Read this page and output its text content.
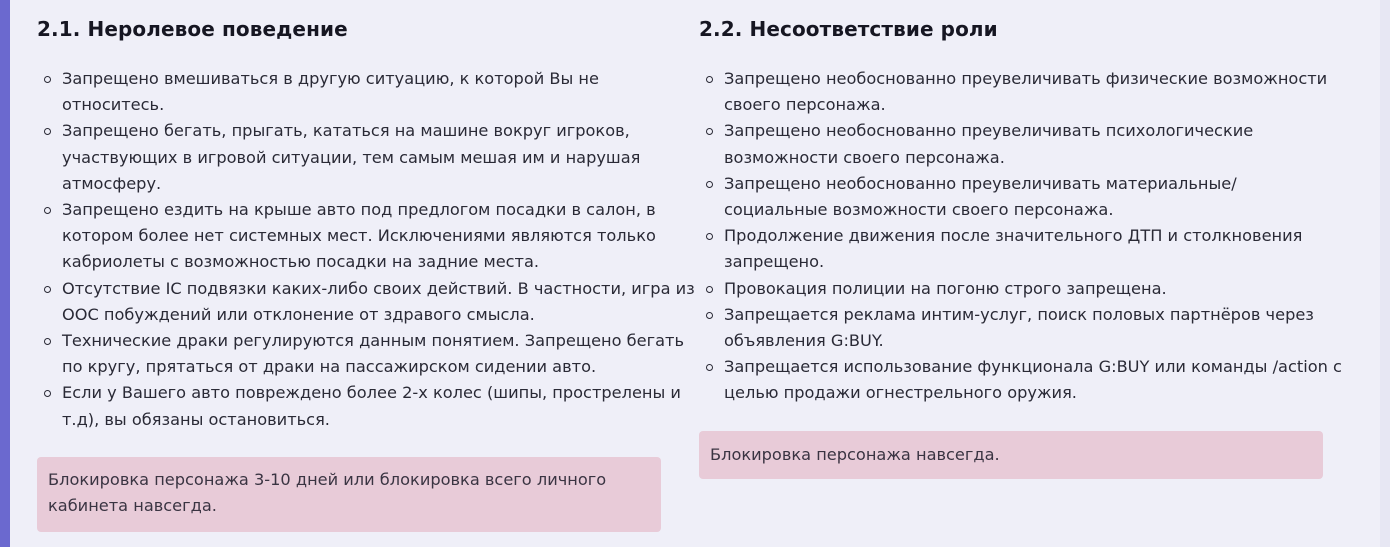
2.1. Неролевое поведение
Запрещено вмешиваться в другую ситуацию, к которой Вы не
относитесь.
Запрещено бегать, прыгать, кататься на машине вокруг игроков,
участвующих в игровой ситуации, тем самым мешая им и нарушая
атмосферу.
Запрещено ездить на крыше авто под предлогом посадки в салон, в
котором более нет системных мест. Исключениями являются только
кабриолеты с возможностью посадки на задние места.
Отсутствие IC подвязки каких-либо своих действий. В частности, игра из
OOC побуждений или отклонение от здравого смысла.
Технические драки регулируются данным понятием. Запрещено бегать
по кругу, прятаться от драки на пассажирском сидении авто.
Если у Вашего авто повреждено более 2-х колес (шипы, прострелены и
т.д), вы обязаны остановиться.
Блокировка персонажа 3-10 дней или блокировка всего личного
кабинета навсегда.
2.2. Несоответствие роли
Запрещено необоснованно преувеличивать физические возможности
своего персонажа.
Запрещено необоснованно преувеличивать психологические
возможности своего персонажа.
Запрещено необоснованно преувеличивать материальные/
социальные возможности своего персонажа.
Продолжение движения после значительного ДТП и столкновения
запрещено.
Провокация полиции на погоню строго запрещена.
Запрещается реклама интим-услуг, поиск половых партнёров через
объявления G:BUY.
Запрещается использование функционала G:BUY или команды /action с
целью продажи огнестрельного оружия.
Блокировка персонажа навсегда.
